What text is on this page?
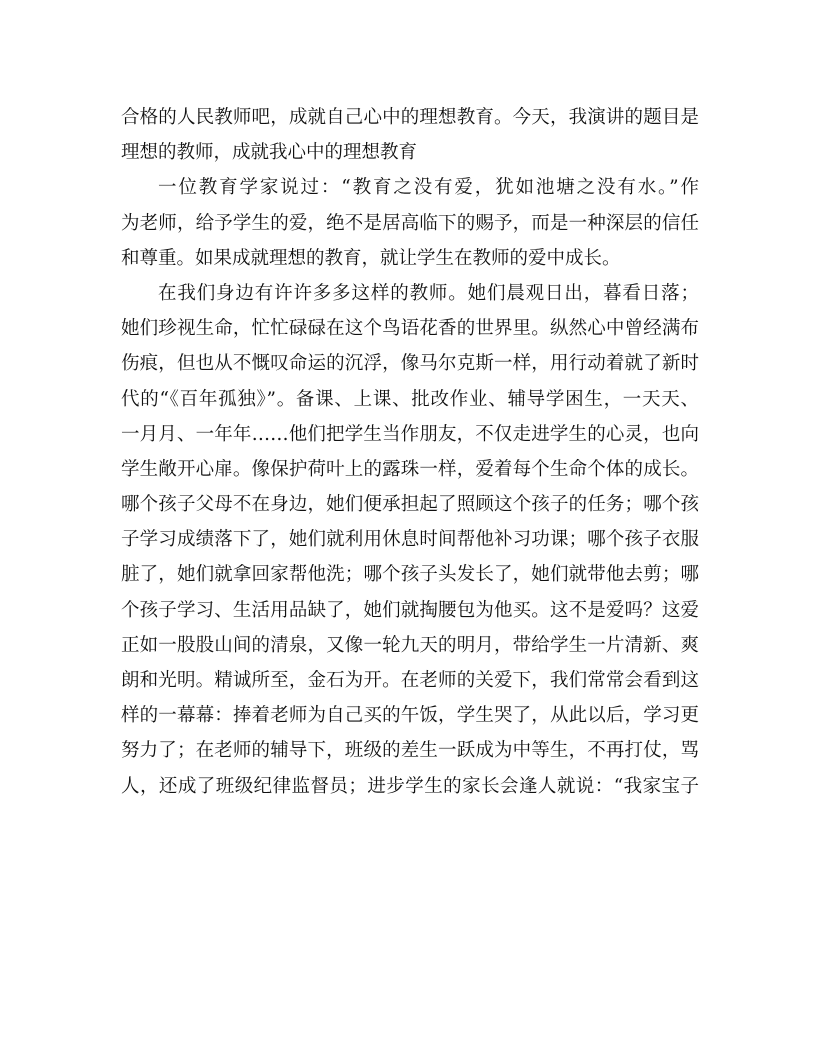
合格的人民教师吧，成就自己心中的理想教育。今天，我演讲的题目是
理想的教师，成就我心中的理想教育
一位教育学家说过：“教育之没有爱，犹如池塘之没有水。”作
为老师，给予学生的爱，绝不是居高临下的赐予，而是一种深层的信任
和尊重。如果成就理想的教育，就让学生在教师的爱中成长。
在我们身边有许许多多这样的教师。她们晨观日出，暮看日落；
她们珍视生命，忙忙碌碌在这个鸟语花香的世界里。纵然心中曾经满布
伤痕，但也从不慨叹命运的沉浮，像马尔克斯一样，用行动着就了新时
代的“《百年孤独》”。备课、上课、批改作业、辅导学困生，一天天、
一月月、一年年……他们把学生当作朋友，不仅走进学生的心灵，也向
学生敞开心扉。像保护荷叶上的露珠一样，爱着每个生命个体的成长。
哪个孩子父母不在身边，她们便承担起了照顾这个孩子的任务；哪个孩
子学习成绩落下了，她们就利用休息时间帮他补习功课；哪个孩子衣服
脏了，她们就拿回家帮他洗；哪个孩子头发长了，她们就带他去剪；哪
个孩子学习、生活用品缺了，她们就掏腰包为他买。这不是爱吗？这爱
正如一股股山间的清泉，又像一轮九天的明月，带给学生一片清新、爽
朗和光明。精诚所至，金石为开。在老师的关爱下，我们常常会看到这
样的一幕幕：捧着老师为自己买的午饭，学生哭了，从此以后，学习更
努力了；在老师的辅导下，班级的差生一跃成为中等生，不再打仗，骂
人，还成了班级纪律监督员；进步学生的家长会逢人就说：“我家宝子
